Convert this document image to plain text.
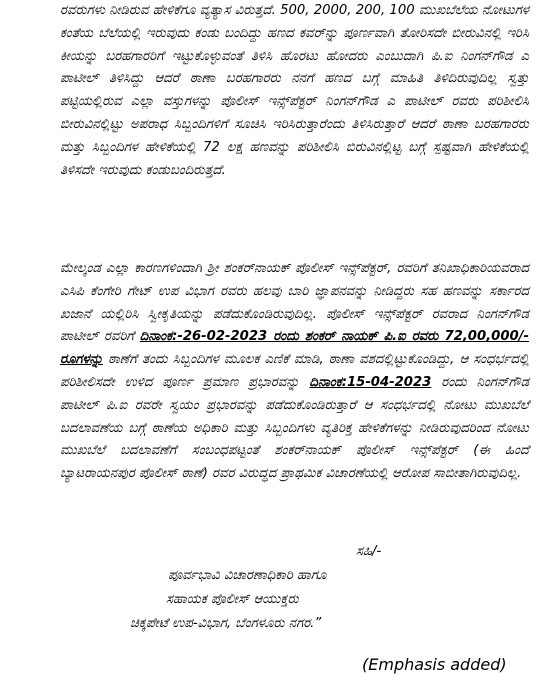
ರವರುಗಳು ನೀಡಿರುವ ಹೇಳಿಕೆಗೂ ವ್ಯತ್ಯಾಸ ವಿರುತ್ತದೆ. 500, 2000, 200, 100 ಮುಖಬೆಲೆಯ ನೋಟುಗಳ ಕಂತೆಯ ಬೆಲೆಯಲ್ಲಿ ಇರುವುದು ಕಂಡು ಬಂದಿದ್ದು ಹಣದ ಕವರ್‌ನ್ನು ಪೂರ್ಣವಾಗಿ ತೋರಿಸದೇ ಬೀರುವಿನಲ್ಲಿ ಇರಿಸಿ ಕೀಯನ್ನು ಬರಹಗಾರರಿಗೆ ಇಟ್ಟುಕೊಳ್ಳುವಂತೆ ತಿಳಿಸಿ ಹೊರಟು ಹೋದರು ಎಂಬುದಾಗಿ ಪಿ.ಐ ನಿಂಗನ್‌ಗೌಡ ಎ ಪಾಟೀಲ್ ತಿಳಿಸಿದ್ದು ಆದರೆ ಠಾಣಾ ಬರಹಗಾರರು ನನಗೆ ಹಣದ ಬಗ್ಗೆ ಮಾಹಿತಿ ತಿಳಿದಿರುವುದಿಲ್ಲ ಸ್ವತ್ತು ಪಟ್ಟಿಯಲ್ಲಿರುವ ಎಲ್ಲಾ ವಸ್ತುಗಳನ್ನು ಪೊಲೀಸ್ ಇನ್ಸ್‌ಪೆಕ್ಟರ್ ನಿಂಗನ್‌ಗೌಡ ಎ ಪಾಟೀಲ್ ರವರು ಪರಿಶೀಲಿಸಿ ಬೀರುವಿನಲ್ಲಿಟ್ಟು ಅಪರಾಧ ಸಿಬ್ಬಂದಿಗಳಿಗೆ ಸೂಚಿಸಿ ಇರಿಸಿರುತ್ತಾರೆಂದು ತಿಳಿಸಿರುತ್ತಾರೆ ಆದರೆ ಠಾಣಾ ಬರಹಗಾರರು ಮತ್ತು ಸಿಬ್ಬಂದಿಗಳ ಹೇಳಿಕೆಯಲ್ಲಿ 72 ಲಕ್ಷ ಹಣವನ್ನು ಪರಿಶೀಲಿಸಿ ಬಿರುವಿನಲ್ಲಿಟ್ಟ ಬಗ್ಗೆ ಸ್ಪಷ್ಟವಾಗಿ ಹೇಳಿಕೆಯಲ್ಲಿ ತಿಳಿಸದೇ ಇರುವುದು ಕಂಡುಬಂದಿರುತ್ತದೆ.

ಮೇಲ್ಕಂಡ ಎಲ್ಲಾ ಕಾರಣಗಳಿಂದಾಗಿ ಶ್ರೀ ಶಂಕರ್‌ನಾಯಕ್ ಪೊಲೀಸ್ ಇನ್ಸ್‌ಪೆಕ್ಟರ್, ರವರಿಗೆ ತನಿಖಾಧಿಕಾರಿಯವರಾದ ಎಸಿಪಿ ಕೆಂಗೇರಿ ಗೇಟ್ ಉಪ ವಿಭಾಗ ರವರು ಹಲವು ಬಾರಿ ಜ್ಞಾಪನವನ್ನು ನೀಡಿದ್ದರು ಸಹ ಹಣವನ್ನು ಸರ್ಕಾರದ ಖಜಾನೆ ಯಲ್ಲಿರಿಸಿ ಸ್ವೀಕೃತಿಯನ್ನು ಪಡೆದುಕೊಂಡಿರುವುದಿಲ್ಲ. ಪೊಲೀಸ್ ಇನ್ಸ್‌ಪೆಕ್ಟರ್ ರವರಾದ ನಿಂಗನ್‌ಗೌಡ ಪಾಟೀಲ್ ರವರಿಗೆ ದಿನಾಂಕ:-26-02-2023 ರಂದು ಶಂಕರ್ ನಾಯಕ್ ಪಿ.ಐ ರವರು 72,00,000/- ರೂಗಳನ್ನು ಠಾಣೆಗೆ ತಂದು ಸಿಬ್ಬಂದಿಗಳ ಮೂಲಕ ಎಣಿಕೆ ಮಾಡಿ, ಠಾಣಾ ವಶದಲ್ಲಿಟ್ಟುಕೊಂಡಿದ್ದು, ಆ ಸಂಧರ್ಭದಲ್ಲಿ ಪರಿಶೀಲಿಸದೇ ಉಳಿದ ಪೂರ್ಣ ಪ್ರಮಾಣ ಪ್ರಭಾರವನ್ನು ದಿನಾಂಕ:15-04-2023 ರಂದು ನಿಂಗನ್‌ಗೌಡ ಪಾಟೀಲ್ ಪಿ.ಐ ರವರೇ ಸ್ವಯಂ ಪ್ರಭಾರವನ್ನು ಪಡೆದುಕೊಂಡಿರುತ್ತಾರೆ ಆ ಸಂಧರ್ಭದಲ್ಲಿ ನೋಟು ಮುಖಬೆಲೆ ಬದಲಾವಣೆಯ ಬಗ್ಗೆ ಠಾಣೆಯ ಅಧಿಕಾರಿ ಮತ್ತು ಸಿಬ್ಬಂದಿಗಳು ವ್ಯತಿರಿಕ್ತ ಹೇಳಿಕೆಗಳನ್ನು ನೀಡಿರುವುದರಿಂದ ನೋಟು ಮುಖಬೆಲೆ ಬದಲಾವಣೆಗೆ ಸಂಬಂಧಪಟ್ಟಂತೆ ಶಂಕರ್‌ನಾಯಕ್ ಪೊಲೀಸ್ ಇನ್ಸ್‌ಪೆಕ್ಟರ್ (ಈ ಹಿಂದೆ ಬ್ಯಾಟರಾಯನಪುರ ಪೊಲೀಸ್ ಠಾಣೆ) ರವರ ವಿರುದ್ಧದ ಪ್ರಾಥಮಿಕ ವಿಚಾರಣೆಯಲ್ಲಿ ಆರೋಪ ಸಾಬೀತಾಗಿರುವುದಿಲ್ಲ.

ಸಹಿ/-
ಪೂರ್ವಭಾವಿ ವಿಚಾರಣಾಧಿಕಾರಿ ಹಾಗೂ
ಸಹಾಯಕ ಪೊಲೀಸ್ ಆಯುಕ್ತರು
ಚಿಕ್ಕಪೇಟೆ ಉಪ-ವಿಭಾಗ, ಬೆಂಗಳೂರು ನಗರ.”
(Emphasis added)
